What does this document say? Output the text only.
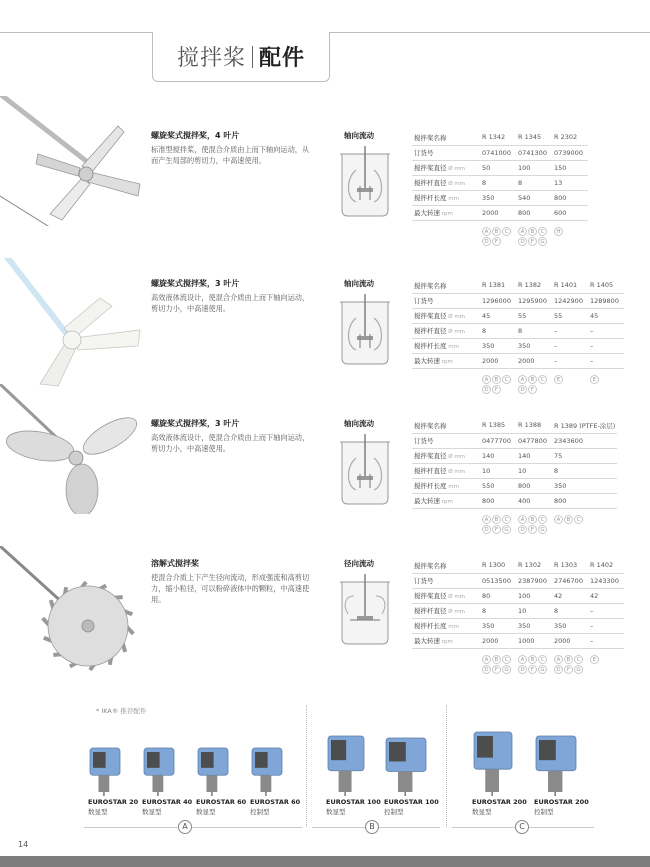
搅拌桨 配件
螺旋桨式搅拌桨，4 叶片
标准型搅拌桨，使混合介质由上而下轴向运动，从而产生局部的剪切力，中高速使用。
轴向流动	搅拌桨名称	R 1342	R 1345	R 2302
订货号	0741000	0741300	0739000
搅拌桨直径 Ø mm	50	100	150
搅拌杆直径 Ø mm	8	8	13
搅拌杆长度 mm	350	540	800
最大转速 rpm	2000	800	600
A	B	C
D	F
A	B	C
D	F	G
H
螺旋桨式搅拌桨，3 叶片
高效液体流设计，使混合介质由上而下轴向运动，剪切力小，中高速使用。
轴向流动	搅拌桨名称	R 1381	R 1382	R 1401	R 1405
订货号	1296000	1295900	1242900	1289800
搅拌桨直径 Ø mm	45	55	55	45
搅拌杆直径 Ø mm	8	8	–	–
搅拌杆长度 mm	350	350	–	–
最大转速 rpm	2000	2000	–	–
A	B	C
D	F
A	B	C
D	F
E	E
螺旋桨式搅拌桨，3 叶片
高效液体流设计，使混合介质由上而下轴向运动，剪切力小，中高速使用。
轴向流动	搅拌桨名称	R 1385	R 1388	R 1389 (PTFE-涂层)
订货号	0477700	0477800	2343600
搅拌桨直径 Ø mm	140	140	75
搅拌杆直径 Ø mm	10	10	8
搅拌杆长度 mm	550	800	350
最大转速 rpm	800	400	800
A	B	C
D	F	G
A	B	C
D	F	G
A	B	C
溶解式搅拌桨
使混合介质上下产生径向流动，形成强流和高剪切力，缩小粒径，可以粉碎液体中的颗粒，中高速使用。
径向流动	搅拌桨名称	R 1300	R 1302	R 1303	R 1402
订货号	0513500	2387900	2746700	1243300
搅拌桨直径 Ø mm	80	100	42	42
搅拌杆直径 Ø mm	8	10	8	–
搅拌杆长度 mm	350	350	350	–
最大转速 rpm	2000	1000	2000	–
A	B	C
D	F	G
A	B	C
D	F	G
A	B	C
D	F	G
E
* IKA® 推荐配件
EUROSTAR 20
数显型
EUROSTAR 40
数显型
EUROSTAR 60
数显型
EUROSTAR 60
控制型
EUROSTAR 100
数显型
EUROSTAR 100
控制型
EUROSTAR 200
数显型
EUROSTAR 200
控制型
A	B	C
14
